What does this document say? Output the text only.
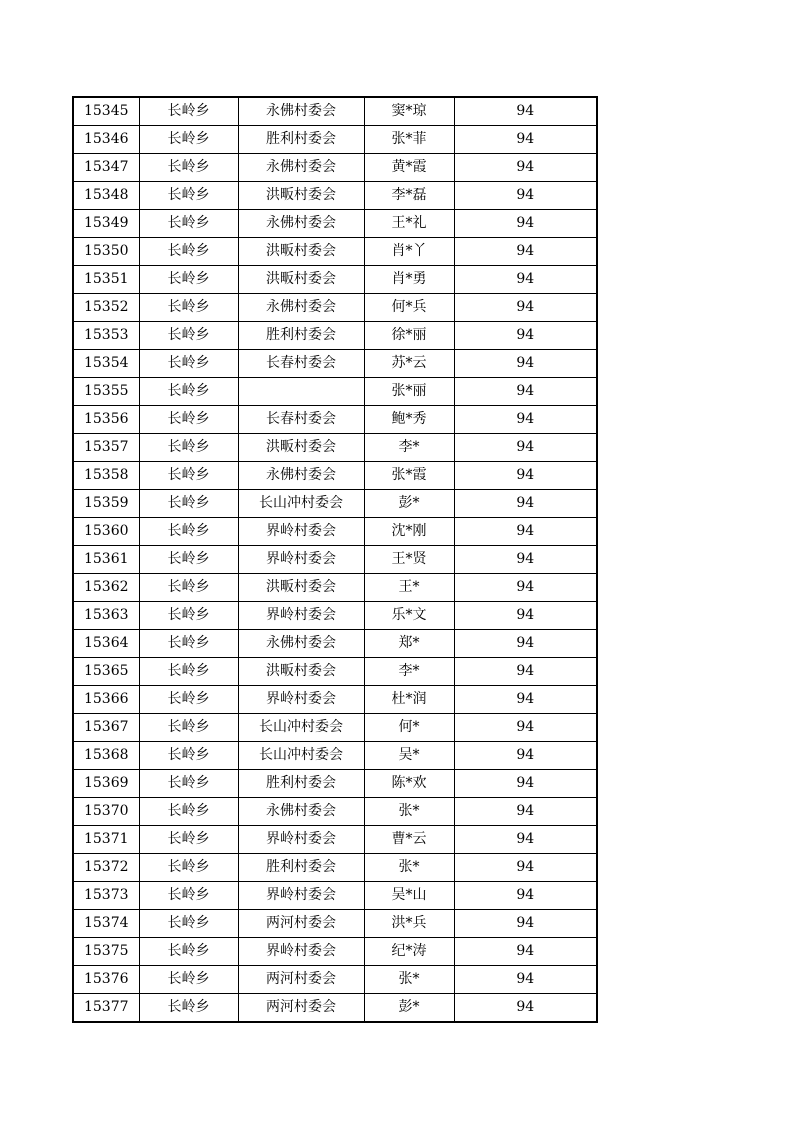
15345	长岭乡	永佛村委会	窦*琼	94
15346	长岭乡	胜利村委会	张*菲	94
15347	长岭乡	永佛村委会	黄*霞	94
15348	长岭乡	洪畈村委会	李*磊	94
15349	长岭乡	永佛村委会	王*礼	94
15350	长岭乡	洪畈村委会	肖*丫	94
15351	长岭乡	洪畈村委会	肖*勇	94
15352	长岭乡	永佛村委会	何*兵	94
15353	长岭乡	胜利村委会	徐*丽	94
15354	长岭乡	长春村委会	苏*云	94
15355	长岭乡		张*丽	94
15356	长岭乡	长春村委会	鲍*秀	94
15357	长岭乡	洪畈村委会	李*	94
15358	长岭乡	永佛村委会	张*霞	94
15359	长岭乡	长山冲村委会	彭*	94
15360	长岭乡	界岭村委会	沈*刚	94
15361	长岭乡	界岭村委会	王*贤	94
15362	长岭乡	洪畈村委会	王*	94
15363	长岭乡	界岭村委会	乐*文	94
15364	长岭乡	永佛村委会	郑*	94
15365	长岭乡	洪畈村委会	李*	94
15366	长岭乡	界岭村委会	杜*润	94
15367	长岭乡	长山冲村委会	何*	94
15368	长岭乡	长山冲村委会	吴*	94
15369	长岭乡	胜利村委会	陈*欢	94
15370	长岭乡	永佛村委会	张*	94
15371	长岭乡	界岭村委会	曹*云	94
15372	长岭乡	胜利村委会	张*	94
15373	长岭乡	界岭村委会	吴*山	94
15374	长岭乡	两河村委会	洪*兵	94
15375	长岭乡	界岭村委会	纪*涛	94
15376	长岭乡	两河村委会	张*	94
15377	长岭乡	两河村委会	彭*	94
